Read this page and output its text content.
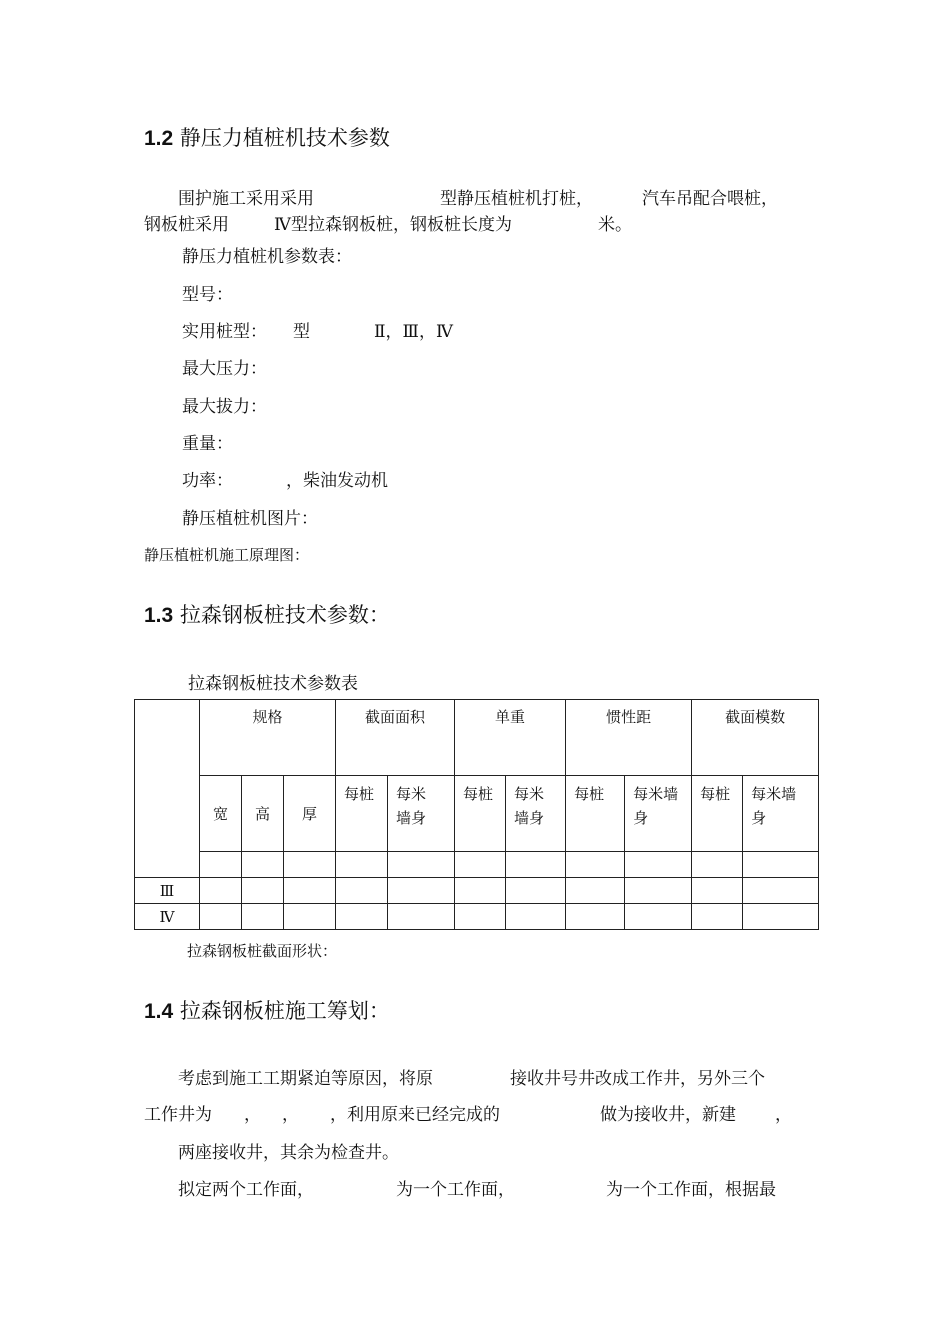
1.2 静压力植桩机技术参数
围护施工采用采用	型静压植桩机打桩，	汽车吊配合喂桩，
钢板桩采用	Ⅳ型拉森钢板桩，钢板桩长度为	米。
静压力植桩机参数表：
型号：
实用桩型： 型	Ⅱ，Ⅲ，Ⅳ
最大压力：
最大拔力：
重量：
功率：	，柴油发动机
静压植桩机图片：
静压植桩机施工原理图：
1.3 拉森钢板桩技术参数：
拉森钢板桩技术参数表
	规格			截面面积		单重		惯性距		截面模数	
	宽	高	厚	每桩	每米墙身	每桩	每米墙身	每桩	每米墙身	每桩	每米墙身

Ⅲ											
Ⅳ											
拉森钢板桩截面形状：
1.4 拉森钢板桩施工筹划：
考虑到施工工期紧迫等原因，将原	接收井号井改成工作井，另外三个
工作井为 ， ， ，利用原来已经完成的	做为接收井，新建 ，
两座接收井，其余为检查井。
拟定两个工作面，	为一个工作面，	为一个工作面，根据最
